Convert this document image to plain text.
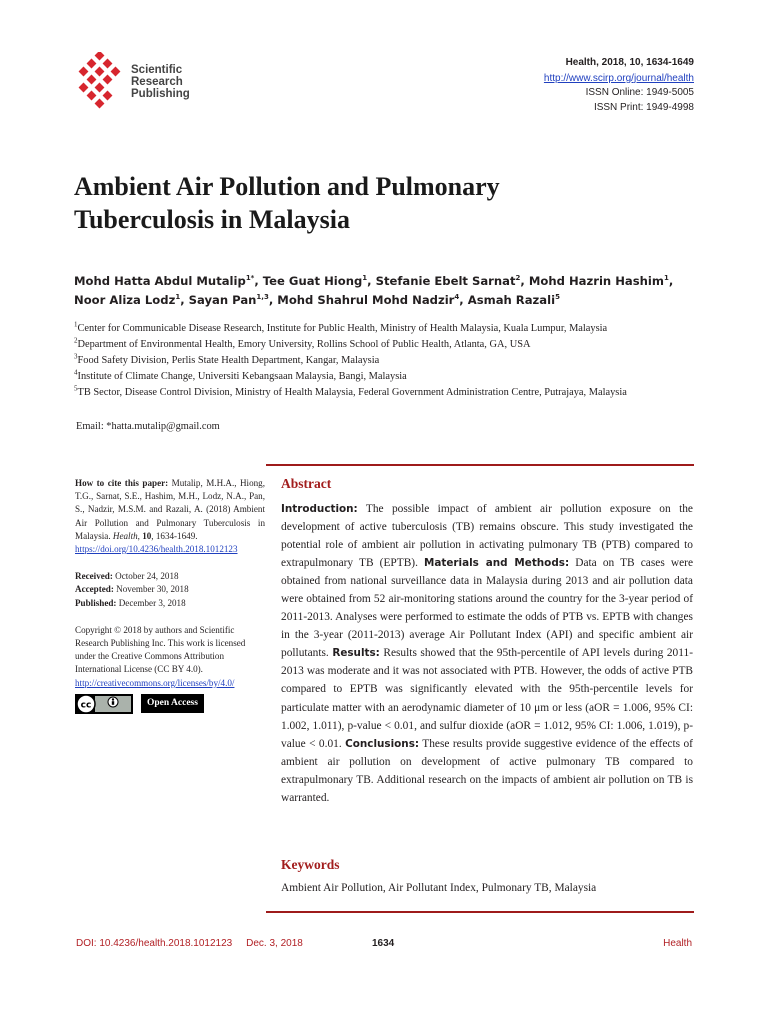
Scientific
Research
Publishing
Health, 2018, 10, 1634-1649
http://www.scirp.org/journal/health
ISSN Online: 1949-5005
ISSN Print: 1949-4998
Ambient Air Pollution and Pulmonary Tuberculosis in Malaysia
Mohd Hatta Abdul Mutalip$^{1*}$, Tee Guat Hiong$^1$, Stefanie Ebelt Sarnat$^2$, Mohd Hazrin Hashim$^1$,
Noor Aliza Lodz$^1$, Sayan Pan$^{1,3}$, Mohd Shahrul Mohd Nadzir$^4$, Asmah Razali$^5$
$^1$Center for Communicable Disease Research, Institute for Public Health, Ministry of Health Malaysia, Kuala Lumpur, Malaysia
$^2$Department of Environmental Health, Emory University, Rollins School of Public Health, Atlanta, GA, USA
$^3$Food Safety Division, Perlis State Health Department, Kangar, Malaysia
$^4$Institute of Climate Change, Universiti Kebangsaan Malaysia, Bangi, Malaysia
$^5$TB Sector, Disease Control Division, Ministry of Health Malaysia, Federal Government Administration Centre, Putrajaya, Malaysia
Email: *hatta.mutalip@gmail.com
How to cite this paper: Mutalip, M.H.A., Hiong, T.G., Sarnat, S.E., Hashim, M.H., Lodz, N.A., Pan, S., Nadzir, M.S.M. and Razali, A. (2018) Ambient Air Pollution and Pulmonary Tuberculosis in Malaysia. Health, 10, 1634-1649.
https://doi.org/10.4236/health.2018.1012123
Received: October 24, 2018
Accepted: November 30, 2018
Published: December 3, 2018
Copyright © 2018 by authors and Scientific Research Publishing Inc. This work is licensed under the Creative Commons Attribution International License (CC BY 4.0).
http://creativecommons.org/licenses/by/4.0/
cc	Open Access
Abstract
Introduction: The possible impact of ambient air pollution exposure on the development of active tuberculosis (TB) remains obscure. This study investigated the potential role of ambient air pollution in activating pulmonary TB (PTB) compared to extrapulmonary TB (EPTB). Materials and Methods: Data on TB cases were obtained from national surveillance data in Malaysia during 2013 and air pollution data were obtained from 52 air-monitoring stations around the country for the 3-year period of 2011-2013. Analyses were performed to estimate the odds of PTB vs. EPTB with changes in the 3-year (2011-2013) average Air Pollutant Index (API) and specific ambient air pollutants. Results: Results showed that the 95th-percentile of API levels during 2011-2013 was moderate and it was not associated with PTB. However, the odds of active PTB compared to EPTB was significantly elevated with the 95th-percentile levels for particulate matter with an aerodynamic diameter of 10 μm or less (aOR = 1.006, 95% CI: 1.002, 1.011), p-value < 0.01, and sulfur dioxide (aOR = 1.012, 95% CI: 1.006, 1.019), p-value < 0.01. Conclusions: These results provide suggestive evidence of the effects of ambient air pollution on development of active pulmonary TB compared to extrapulmonary TB. Additional research on the impacts of ambient air pollution on TB is warranted.
Keywords
Ambient Air Pollution, Air Pollutant Index, Pulmonary TB, Malaysia
DOI: 10.4236/health.2018.1012123     Dec. 3, 2018	1634	Health
